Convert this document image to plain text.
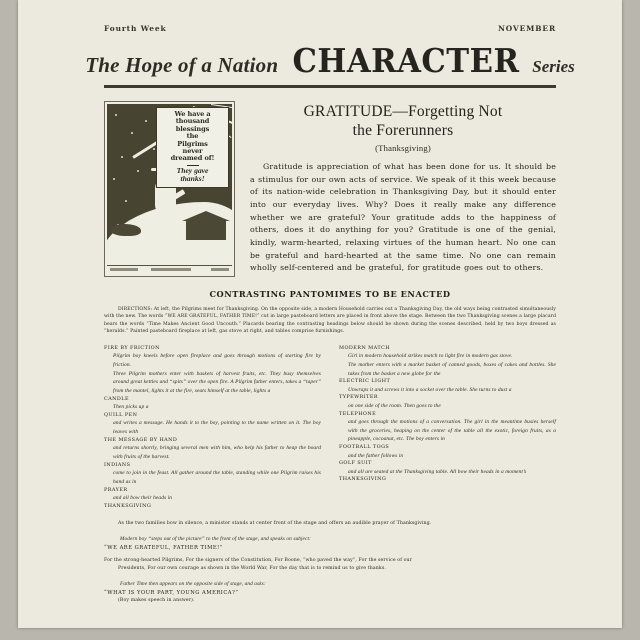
Fourth Week	NOVEMBER
The Hope of a Nation CHARACTER Series
We have a
thousand
blessings
the
Pilgrims
never
dreamed of!
They gave
thanks!
GRATITUDE—Forgetting Not
the Forerunners
(Thanksgiving)
Gratitude is appreciation of what has been done for us. It should be a stimulus for our own acts of service. We speak of it this week because of its nation-wide celebration in Thanksgiving Day, but it should enter into our everyday lives. Why? Does it really make any difference whether we are grateful? Your gratitude adds to the happiness of others, does it do anything for you? Gratitude is one of the genial, kindly, warm-hearted, relaxing virtues of the human heart. No one can be grateful and hard-hearted at the same time. No one can remain wholly self-centered and be grateful, for gratitude goes out to others.
CONTRASTING PANTOMIMES TO BE ENACTED
DIRECTIONS: At left, the Pilgrims meet for Thanksgiving. On the opposite side, a modern Household carries out a Thanksgiving Day, the old ways being contrasted simultaneously with the new. The words “WE ARE GRATEFUL, FATHER TIME!” cut in large pasteboard letters are placed in front above the stage. Between the two Thanksgiving scenes a large placard bears the words “Time Makes Ancient Good Uncouth.” Placards bearing the contrasting headings below should be shown during the scenes described, held by two boys dressed as “heralds.” Painted pasteboard fireplace at left, gas stove at right, and tables comprise furnishings.
FIRE BY FRICTION
Pilgrim boy kneels before open fireplace and goes through motions of starting fire by friction.
Three Pilgrim mothers enter with baskets of harvest fruits, etc. They busy themselves around great kettles and “spits” over the open fire. A Pilgrim father enters, takes a “taper” from the mantel, lights it at the fire, seats himself at the table, lights a
CANDLE
Then picks up a
QUILL PEN
and writes a message. He hands it to the boy, pointing to the name written on it. The boy leaves with
THE MESSAGE BY HAND
and returns shortly, bringing several men with him, who help his father to heap the board with fruits of the harvest.
INDIANS
come to join in the feast. All gather around the table, standing while one Pilgrim raises his hand as in
PRAYER
and all bow their heads in
THANKSGIVING
MODERN MATCH
Girl in modern household strikes match to light fire in modern gas stove.
The mother enters with a market basket of canned goods, boxes of cakes and bottles. She takes from the basket a new globe for the
ELECTRIC LIGHT
Unwraps it and screws it into a socket over the table. She turns to dust a
TYPEWRITER
on one side of the room. Then goes to the
TELEPHONE
and goes through the motions of a conversation. The girl in the meantime busies herself with the groceries, heaping on the center of the table all the exotic, foreign fruits, as a pineapple, cocoanut, etc. The boy enters in
FOOTBALL TOGS
and the father follows in
GOLF SUIT
and all are seated at the Thanksgiving table. All bow their heads in a moment’s
THANKSGIVING
As the two families bow in silence, a minister stands at center front of the stage and offers an audible prayer of Thanksgiving.
Modern boy “steps out of the picture” to the front of the stage, and speaks on subject:
“WE ARE GRATEFUL, FATHER TIME!”
For the strong-hearted Pilgrims, For the signers of the Constitution, For Boone, “who paved the way”, For the service of our
Presidents, For our own courage as shown in the World War, For the day that is to remind us to give thanks.
Father Time then appears on the opposite side of stage, and asks:
“WHAT IS YOUR PART, YOUNG AMERICA?”
(Boy makes speech in answer).
